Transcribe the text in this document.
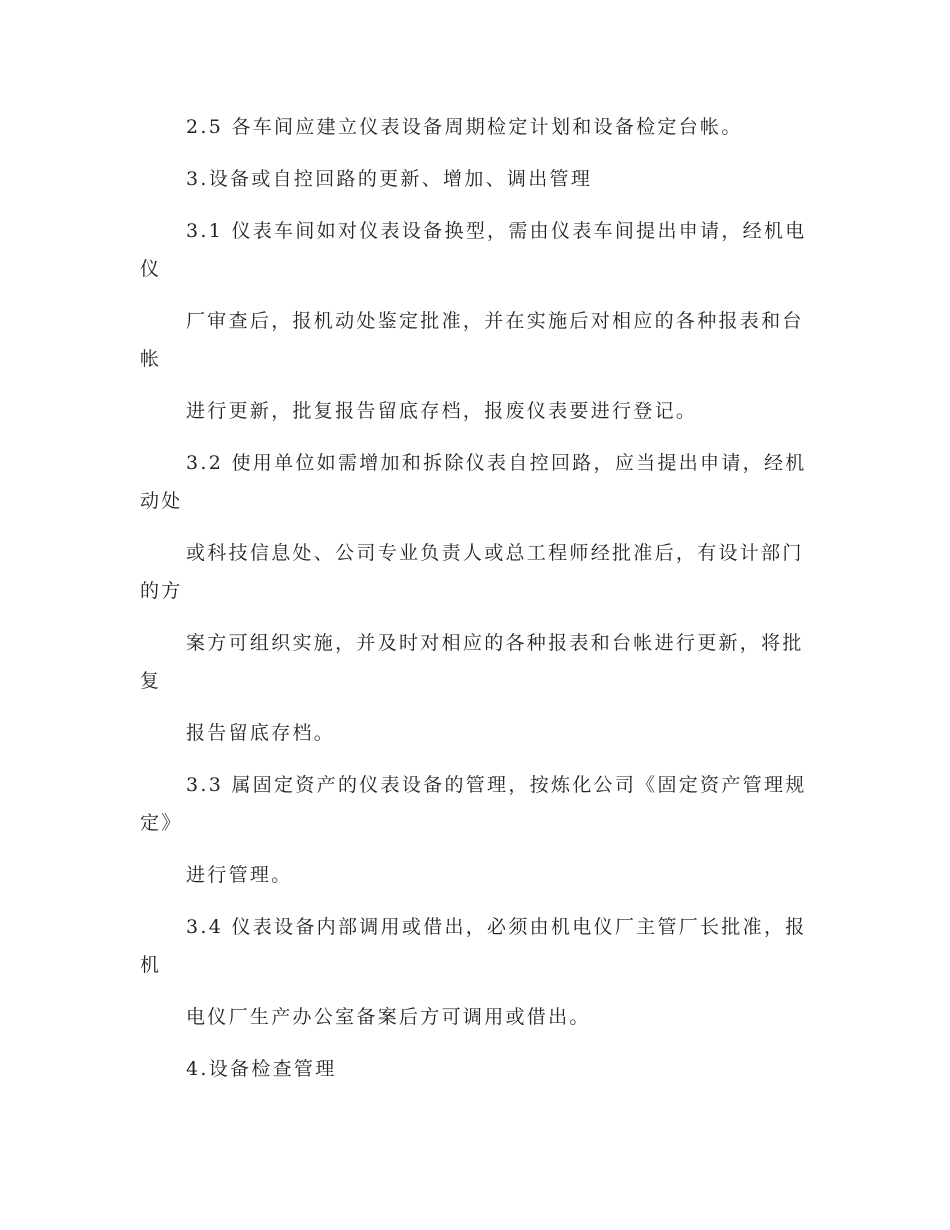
2.5 各车间应建立仪表设备周期检定计划和设备检定台帐。

3.设备或自控回路的更新、增加、调出管理

3.1 仪表车间如对仪表设备换型，需由仪表车间提出申请，经机电仪

厂审查后，报机动处鉴定批准，并在实施后对相应的各种报表和台帐

进行更新，批复报告留底存档，报废仪表要进行登记。

3.2 使用单位如需增加和拆除仪表自控回路，应当提出申请，经机动处

或科技信息处、公司专业负责人或总工程师经批准后，有设计部门的方

案方可组织实施，并及时对相应的各种报表和台帐进行更新，将批复

报告留底存档。

3.3 属固定资产的仪表设备的管理，按炼化公司《固定资产管理规定》

进行管理。

3.4 仪表设备内部调用或借出，必须由机电仪厂主管厂长批准，报机

电仪厂生产办公室备案后方可调用或借出。

4.设备检查管理
